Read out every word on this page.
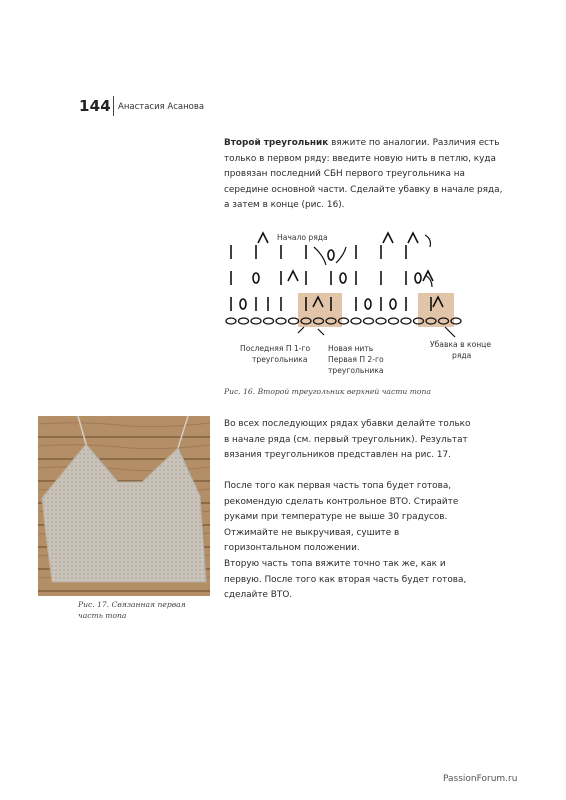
144 Анастасия Асанова
Второй треугольник вяжите по аналогии. Различия есть только в первом ряду: введите новую нить в петлю, куда провязан последний СБН первого треугольника на середине основной части. Сделайте убавку в начале ряда, а затем в конце (рис. 16).
Начало ряда
Последняя П 1-го
треугольника
Новая нить
Первая П 2-го
треугольника
Убавка в конце
ряда
Рис. 16. Второй треугольник верхней части топа
Рис. 17. Связанная первая
часть топа
Во всех последующих рядах убавки делайте только в начале ряда (см. первый треугольник). Результат вязания треугольников представлен на рис. 17.
После того как первая часть топа будет готова, рекомендую сделать контрольное ВТО. Стирайте руками при температуре не выше 30 градусов. Отжимайте не выкручивая, сушите в горизонтальном положении.
Вторую часть топа вяжите точно так же, как и первую. После того как вторая часть будет готова, сделайте ВТО.
PassionForum.ru
